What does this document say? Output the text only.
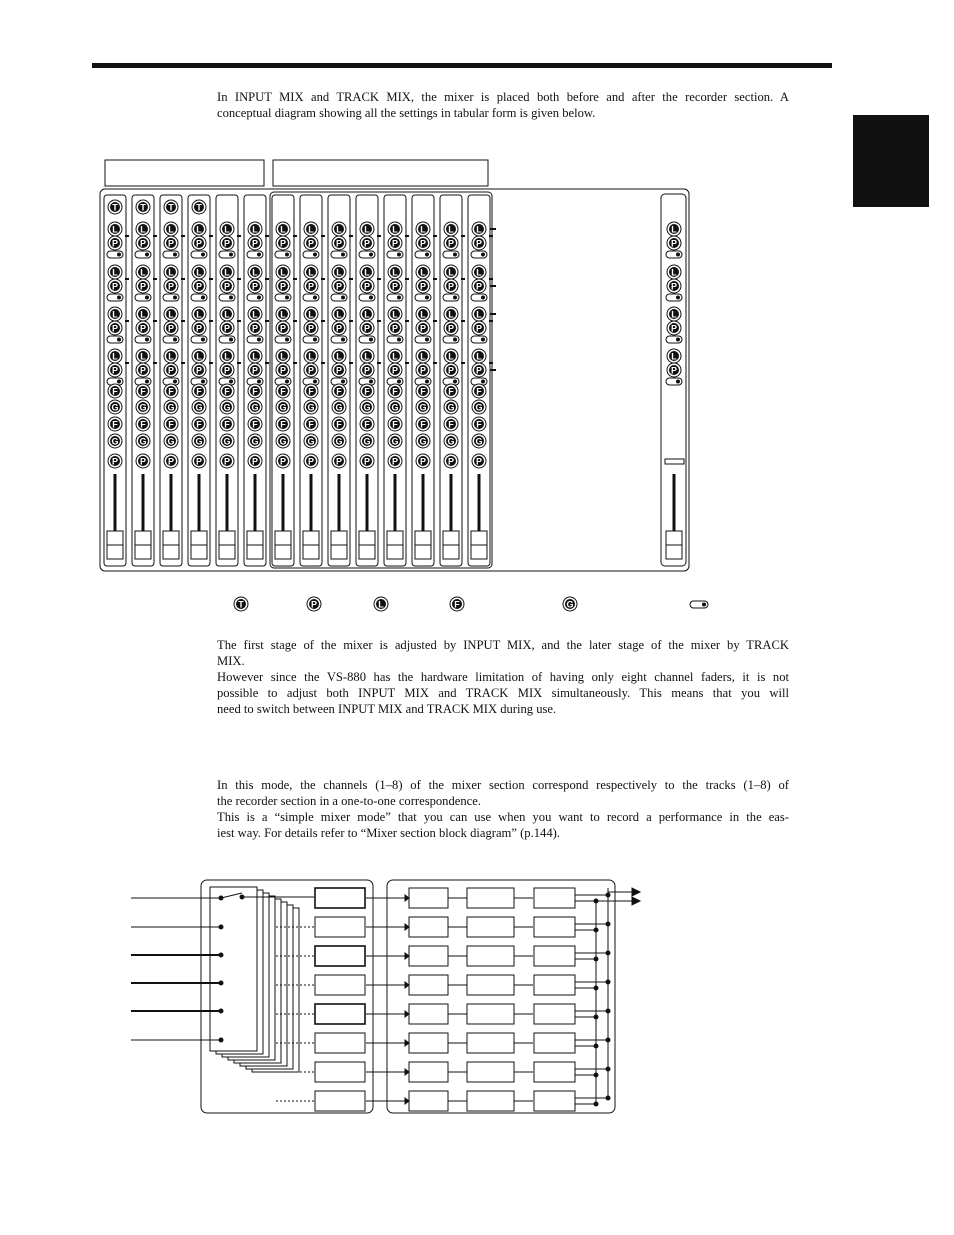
In INPUT MIX and TRACK MIX, the mixer is placed both before and after the recorder section. A
conceptual diagram showing all the settings in tabular form is given below.

T
L
P
L
P
L
P
L
P
F
G
F
G
P
T
L
P
L
P
L
P
L
P
F
G
F
G
P
T
L
P
L
P
L
P
L
P
F
G
F
G
P
T
L
P
L
P
L
P
L
P
F
G
F
G
P
L
P
L
P
L
P
L
P
F
G
F
G
P
L
P
L
P
L
P
L
P
F
G
F
G
P
L
P
L
P
L
P
L
P
F
G
F
G
P
L
P
L
P
L
P
L
P
F
G
F
G
P
L
P
L
P
L
P
L
P
F
G
F
G
P
L
P
L
P
L
P
L
P
F
G
F
G
P
L
P
L
P
L
P
L
P
F
G
F
G
P
L
P
L
P
L
P
L
P
F
G
F
G
P
L
P
L
P
L
P
L
P
F
G
F
G
P
L
P
L
P
L
P
L
P
F
G
F
G
P
L
P
L
P
L
P
L
P
T	P	L	F	G

The first stage of the mixer is adjusted by INPUT MIX, and the later stage of the mixer by TRACK
MIX.
However since the VS-880 has the hardware limitation of having only eight channel faders, it is not
possible to adjust both INPUT MIX and TRACK MIX simultaneously. This means that you will
need to switch between INPUT MIX and TRACK MIX during use.

In this mode, the channels (1–8) of the mixer section correspond respectively to the tracks (1–8) of
the recorder section in a one-to-one correspondence.
This is a “simple mixer mode” that you can use when you want to record a performance in the eas-
iest way. For details refer to “Mixer section block diagram” (p.144).
